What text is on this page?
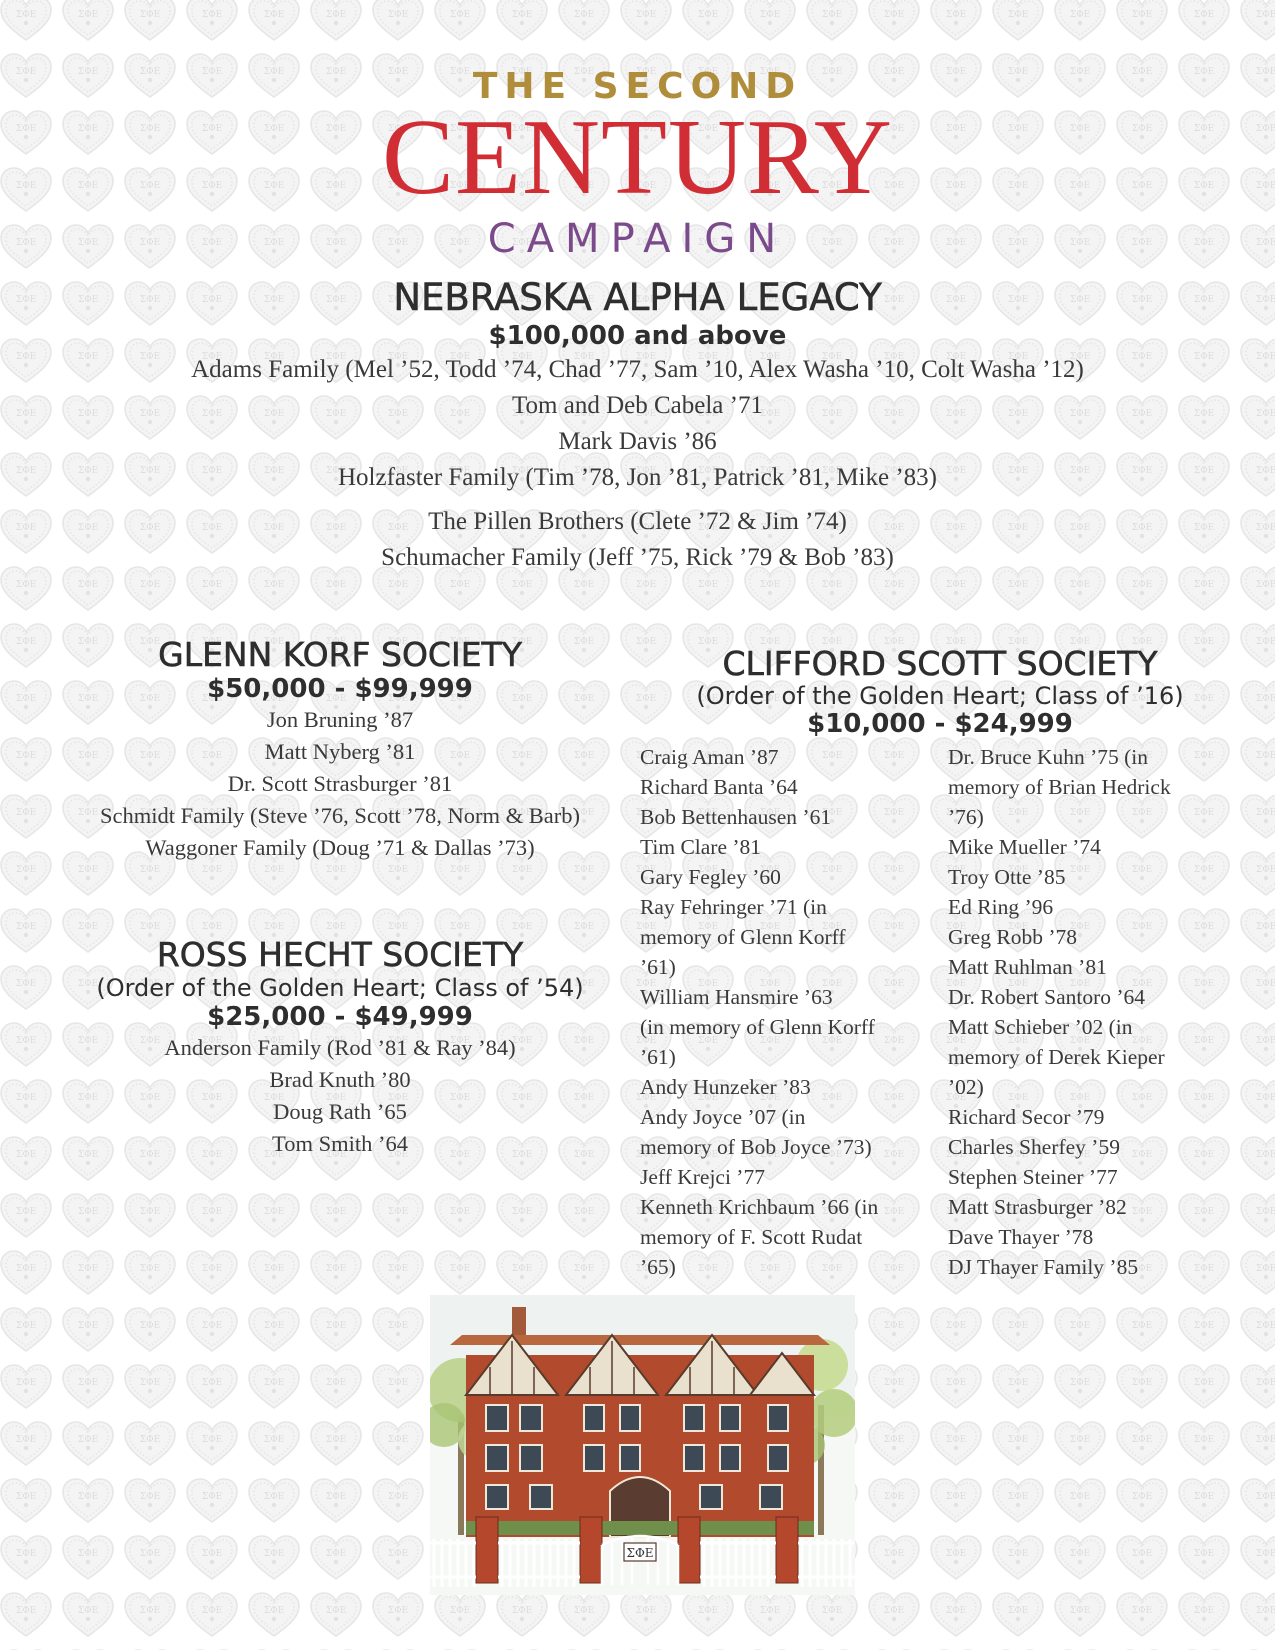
THE SECOND
CENTURY
CAMPAIGN
NEBRASKA ALPHA LEGACY
$100,000 and above
Adams Family (Mel ’52, Todd ’74, Chad ’77, Sam ’10, Alex Washa ’10, Colt Washa ’12)
Tom and Deb Cabela ’71
Mark Davis ’86
Holzfaster Family (Tim ’78, Jon ’81, Patrick ’81, Mike ’83)
The Pillen Brothers (Clete ’72 & Jim ’74)
Schumacher Family (Jeff ’75, Rick ’79 & Bob ’83)
GLENN KORF SOCIETY
$50,000 - $99,999
Jon Bruning ’87
Matt Nyberg ’81
Dr. Scott Strasburger ’81
Schmidt Family (Steve ’76, Scott ’78, Norm & Barb)
Waggoner Family (Doug ’71 & Dallas ’73)
ROSS HECHT SOCIETY
(Order of the Golden Heart; Class of ’54)
$25,000 - $49,999
Anderson Family (Rod ’81 & Ray ’84)
Brad Knuth ’80
Doug Rath ’65
Tom Smith ’64
CLIFFORD SCOTT SOCIETY
(Order of the Golden Heart; Class of ’16)
$10,000 - $24,999
Craig Aman ’87
Richard Banta ’64
Bob Bettenhausen ’61
Tim Clare ’81
Gary Fegley ’60
Ray Fehringer ’71 (in
memory of Glenn Korff
’61)
William Hansmire ’63
(in memory of Glenn Korff
’61)
Andy Hunzeker ’83
Andy Joyce ’07 (in
memory of Bob Joyce ’73)
Jeff Krejci ’77
Kenneth Krichbaum ’66 (in
memory of F. Scott Rudat
’65)
Dr. Bruce Kuhn ’75 (in
memory of Brian Hedrick
’76)
Mike Mueller ’74
Troy Otte ’85
Ed Ring ’96
Greg Robb ’78
Matt Ruhlman ’81
Dr. Robert Santoro ’64
Matt Schieber ’02 (in
memory of Derek Kieper
’02)
Richard Secor ’79
Charles Sherfey ’59
Stephen Steiner ’77
Matt Strasburger ’82
Dave Thayer ’78
DJ Thayer Family ’85
ΣΦΕ
